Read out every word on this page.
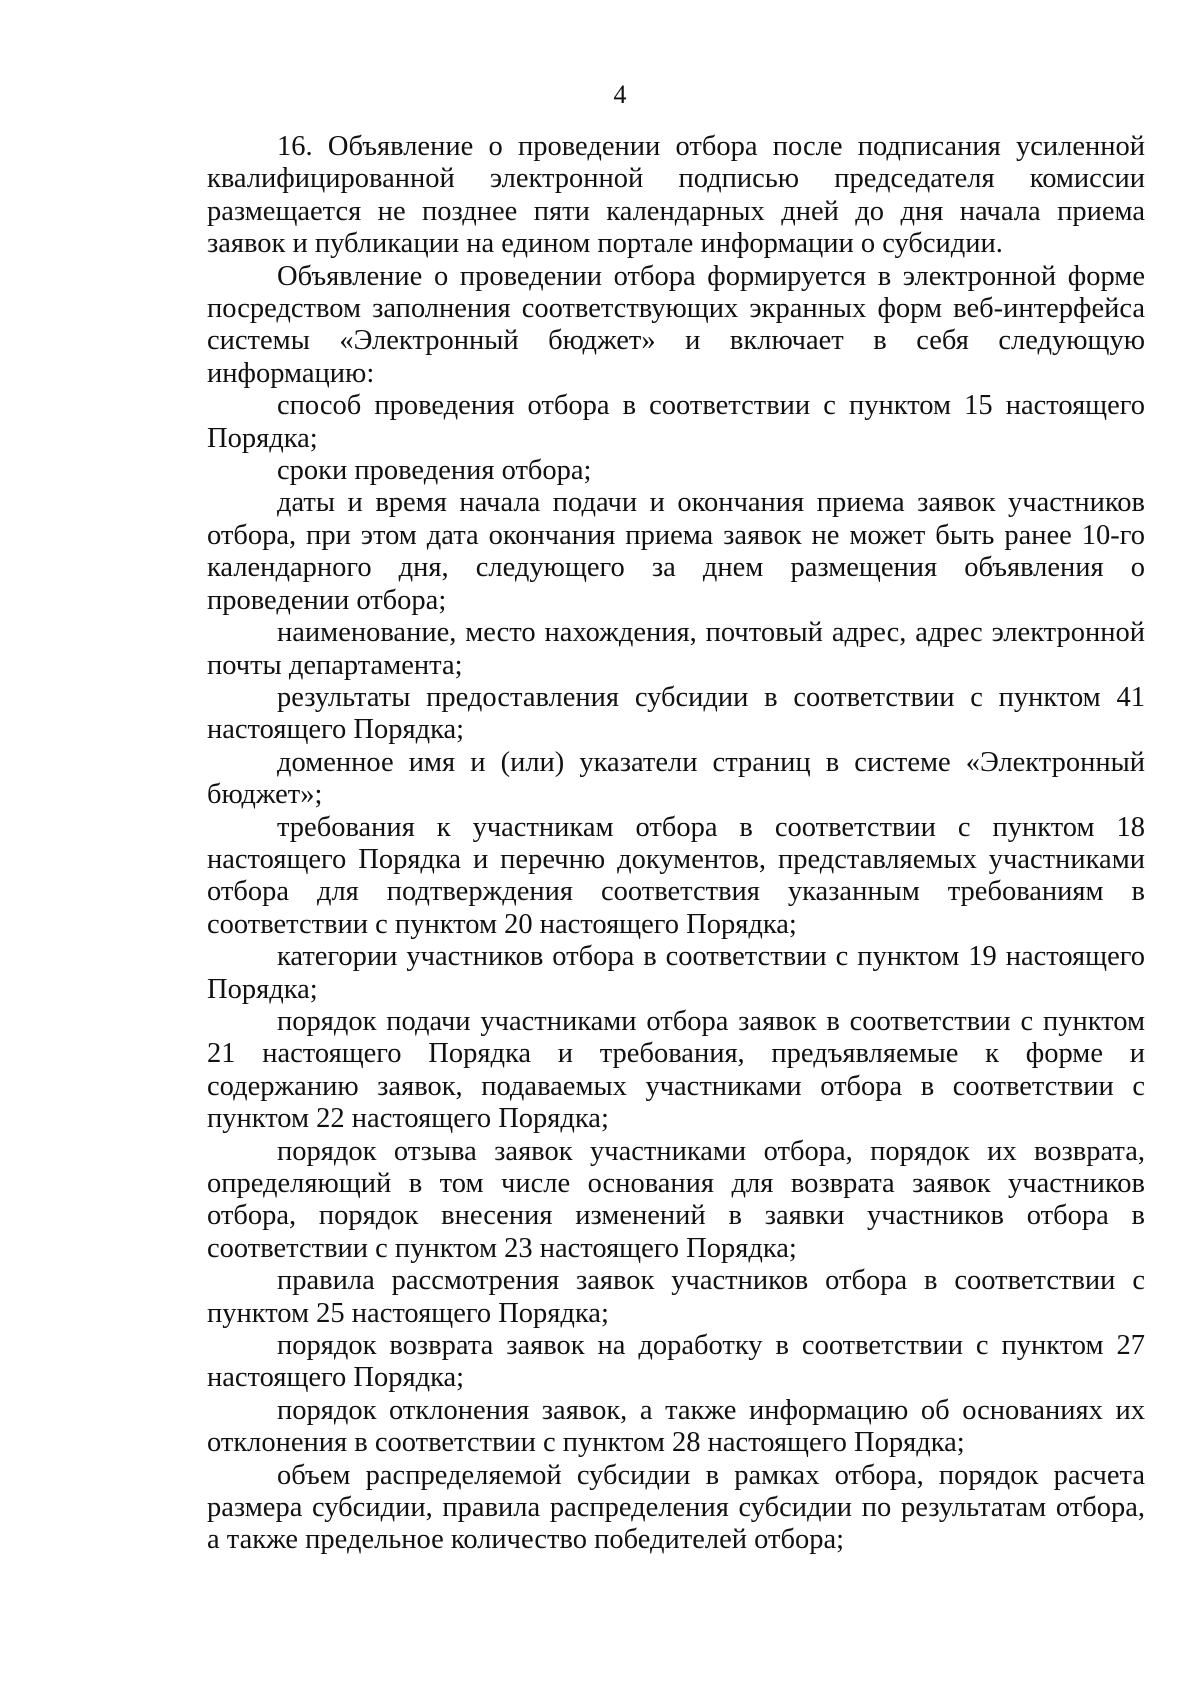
4

16. Объявление о проведении отбора после подписания усиленной квалифицированной электронной подписью председателя комиссии размещается не позднее пяти календарных дней до дня начала приема заявок и публикации на едином портале информации о субсидии.

Объявление о проведении отбора формируется в электронной форме посредством заполнения соответствующих экранных форм веб-интерфейса системы «Электронный бюджет» и включает в себя следующую информацию:

способ проведения отбора в соответствии с пунктом 15 настоящего Порядка;

сроки проведения отбора;

даты и время начала подачи и окончания приема заявок участников отбора, при этом дата окончания приема заявок не может быть ранее 10-го календарного дня, следующего за днем размещения объявления о проведении отбора;

наименование, место нахождения, почтовый адрес, адрес электронной почты департамента;

результаты предоставления субсидии в соответствии с пунктом 41 настоящего Порядка;

доменное имя и (или) указатели страниц в системе «Электронный бюджет»;

требования к участникам отбора в соответствии с пунктом 18 настоящего Порядка и перечню документов, представляемых участниками отбора для подтверждения соответствия указанным требованиям в соответствии с пунктом 20 настоящего Порядка;

категории участников отбора в соответствии с пунктом 19 настоящего Порядка;

порядок подачи участниками отбора заявок в соответствии с пунктом 21 настоящего Порядка и требования, предъявляемые к форме и содержанию заявок, подаваемых участниками отбора в соответствии с пунктом 22 настоящего Порядка;

порядок отзыва заявок участниками отбора, порядок их возврата, определяющий в том числе основания для возврата заявок участников отбора, порядок внесения изменений в заявки участников отбора в соответствии с пунктом 23 настоящего Порядка;

правила рассмотрения заявок участников отбора в соответствии с пунктом 25 настоящего Порядка;

порядок возврата заявок на доработку в соответствии с пунктом 27 настоящего Порядка;

порядок отклонения заявок, а также информацию об основаниях их отклонения в соответствии с пунктом 28 настоящего Порядка;

объем распределяемой субсидии в рамках отбора, порядок расчета размера субсидии, правила распределения субсидии по результатам отбора, а также предельное количество победителей отбора;
